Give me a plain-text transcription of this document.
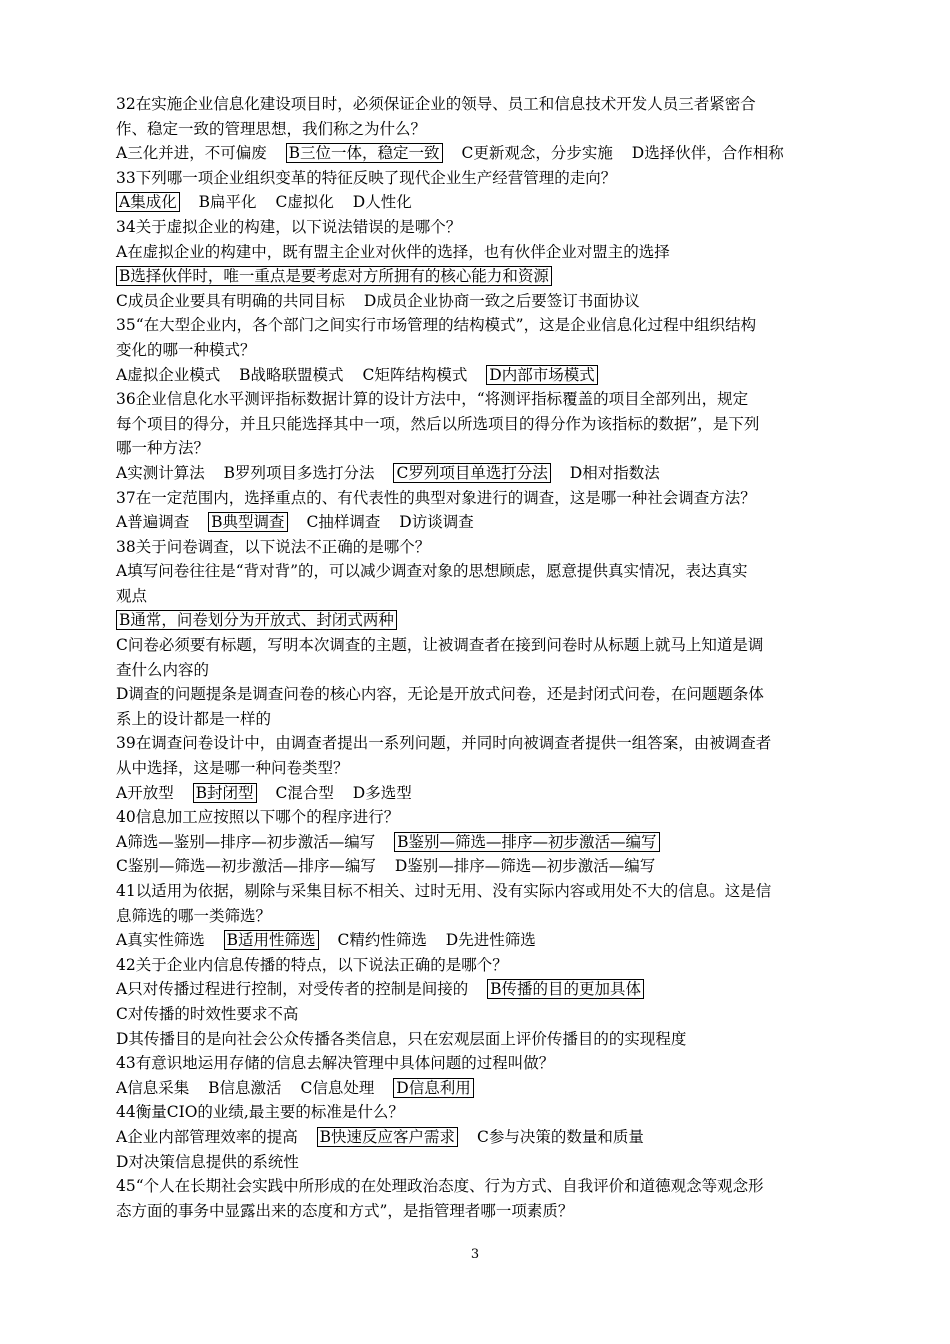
32在实施企业信息化建设项目时，必须保证企业的领导、员工和信息技术开发人员三者紧密合
作、稳定一致的管理思想，我们称之为什么？
A三化并进，不可偏废 B三位一体，稳定一致 C更新观念，分步实施 D选择伙伴，合作相称
33下列哪一项企业组织变革的特征反映了现代企业生产经营管理的走向？
A集成化 B扁平化 C虚拟化 D人性化
34关于虚拟企业的构建，以下说法错误的是哪个？
A在虚拟企业的构建中，既有盟主企业对伙伴的选择，也有伙伴企业对盟主的选择
B选择伙伴时，唯一重点是要考虑对方所拥有的核心能力和资源
C成员企业要具有明确的共同目标 D成员企业协商一致之后要签订书面协议
35“在大型企业内，各个部门之间实行市场管理的结构模式”，这是企业信息化过程中组织结构
变化的哪一种模式？
A虚拟企业模式 B战略联盟模式 C矩阵结构模式 D内部市场模式
36企业信息化水平测评指标数据计算的设计方法中，“将测评指标覆盖的项目全部列出，规定
每个项目的得分，并且只能选择其中一项，然后以所选项目的得分作为该指标的数据”，是下列
哪一种方法？
A实测计算法 B罗列项目多选打分法 C罗列项目单选打分法 D相对指数法
37在一定范围内，选择重点的、有代表性的典型对象进行的调查，这是哪一种社会调查方法？
A普遍调查 B典型调查 C抽样调查 D访谈调查
38关于问卷调查，以下说法不正确的是哪个？
A填写问卷往往是“背对背”的，可以减少调查对象的思想顾虑，愿意提供真实情况，表达真实
观点
B通常，问卷划分为开放式、封闭式两种
C问卷必须要有标题，写明本次调查的主题，让被调查者在接到问卷时从标题上就马上知道是调
查什么内容的
D调查的问题提条是调查问卷的核心内容，无论是开放式问卷，还是封闭式问卷，在问题题条体
系上的设计都是一样的
39在调查问卷设计中，由调查者提出一系列问题，并同时向被调查者提供一组答案，由被调查者
从中选择，这是哪一种问卷类型？
A开放型 B封闭型 C混合型 D多选型
40信息加工应按照以下哪个的程序进行？
A筛选—鉴别—排序—初步激活—编写 B鉴别—筛选—排序—初步激活—编写
C鉴别—筛选—初步激活—排序—编写 D鉴别—排序—筛选—初步激活—编写
41以适用为依据，剔除与采集目标不相关、过时无用、没有实际内容或用处不大的信息。这是信
息筛选的哪一类筛选？
A真实性筛选 B适用性筛选 C精约性筛选 D先进性筛选
42关于企业内信息传播的特点，以下说法正确的是哪个？
A只对传播过程进行控制，对受传者的控制是间接的 B传播的目的更加具体
C对传播的时效性要求不高
D其传播目的是向社会公众传播各类信息，只在宏观层面上评价传播目的的实现程度
43有意识地运用存储的信息去解决管理中具体问题的过程叫做？
A信息采集 B信息激活 C信息处理 D信息利用
44衡量CIO的业绩,最主要的标准是什么？
A企业内部管理效率的提高 B快速反应客户需求 C参与决策的数量和质量
D对决策信息提供的系统性
45“个人在长期社会实践中所形成的在处理政治态度、行为方式、自我评价和道德观念等观念形
态方面的事务中显露出来的态度和方式”，是指管理者哪一项素质？
3
